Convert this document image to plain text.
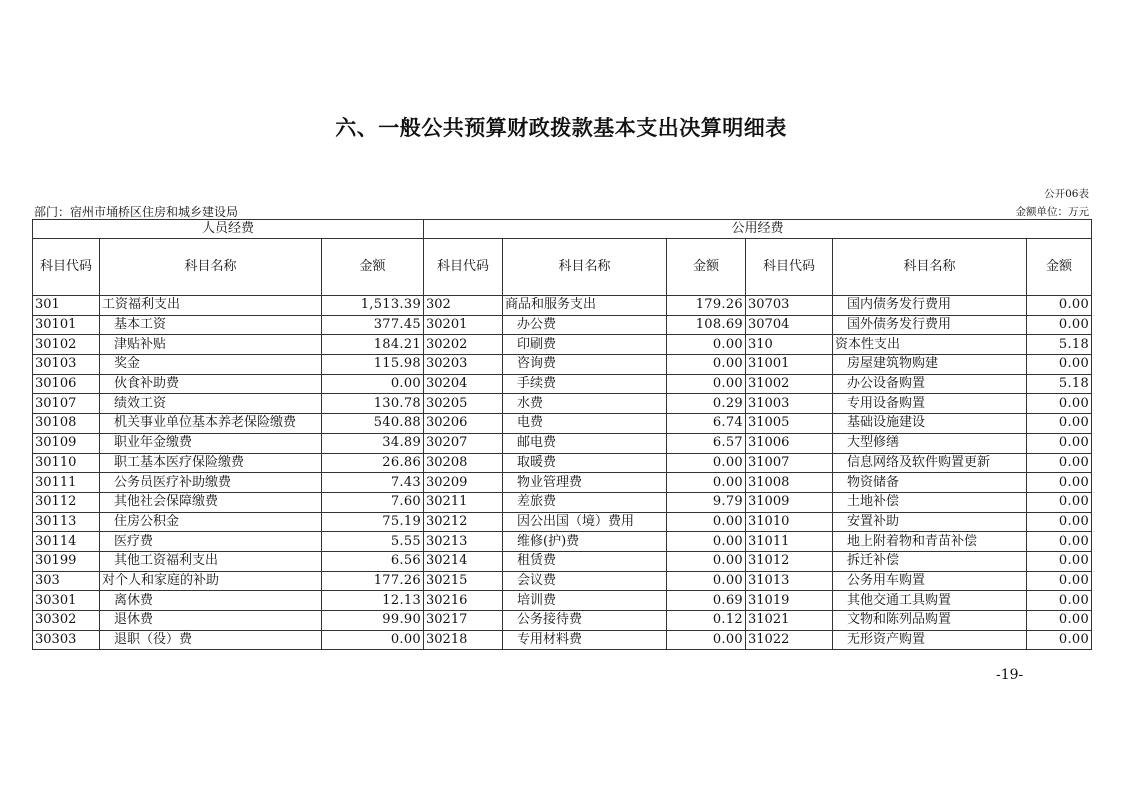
六、一般公共预算财政拨款基本支出决算明细表
公开06表
部门：宿州市埇桥区住房和城乡建设局	金额单位：万元
人员经费			公用经费					
科目代码	科目名称	金额	科目代码	科目名称	金额	科目代码	科目名称	金额
301	工资福利支出	1,513.39	302	商品和服务支出	179.26	30703	国内债务发行费用	0.00
30101	基本工资	377.45	30201	办公费	108.69	30704	国外债务发行费用	0.00
30102	津贴补贴	184.21	30202	印刷费	0.00	310	资本性支出	5.18
30103	奖金	115.98	30203	咨询费	0.00	31001	房屋建筑物购建	0.00
30106	伙食补助费	0.00	30204	手续费	0.00	31002	办公设备购置	5.18
30107	绩效工资	130.78	30205	水费	0.29	31003	专用设备购置	0.00
30108	机关事业单位基本养老保险缴费	540.88	30206	电费	6.74	31005	基础设施建设	0.00
30109	职业年金缴费	34.89	30207	邮电费	6.57	31006	大型修缮	0.00
30110	职工基本医疗保险缴费	26.86	30208	取暖费	0.00	31007	信息网络及软件购置更新	0.00
30111	公务员医疗补助缴费	7.43	30209	物业管理费	0.00	31008	物资储备	0.00
30112	其他社会保障缴费	7.60	30211	差旅费	9.79	31009	土地补偿	0.00
30113	住房公积金	75.19	30212	因公出国（境）费用	0.00	31010	安置补助	0.00
30114	医疗费	5.55	30213	维修(护)费	0.00	31011	地上附着物和青苗补偿	0.00
30199	其他工资福利支出	6.56	30214	租赁费	0.00	31012	拆迁补偿	0.00
303	对个人和家庭的补助	177.26	30215	会议费	0.00	31013	公务用车购置	0.00
30301	离休费	12.13	30216	培训费	0.69	31019	其他交通工具购置	0.00
30302	退休费	99.90	30217	公务接待费	0.12	31021	文物和陈列品购置	0.00
30303	退职（役）费	0.00	30218	专用材料费	0.00	31022	无形资产购置	0.00
-19-
